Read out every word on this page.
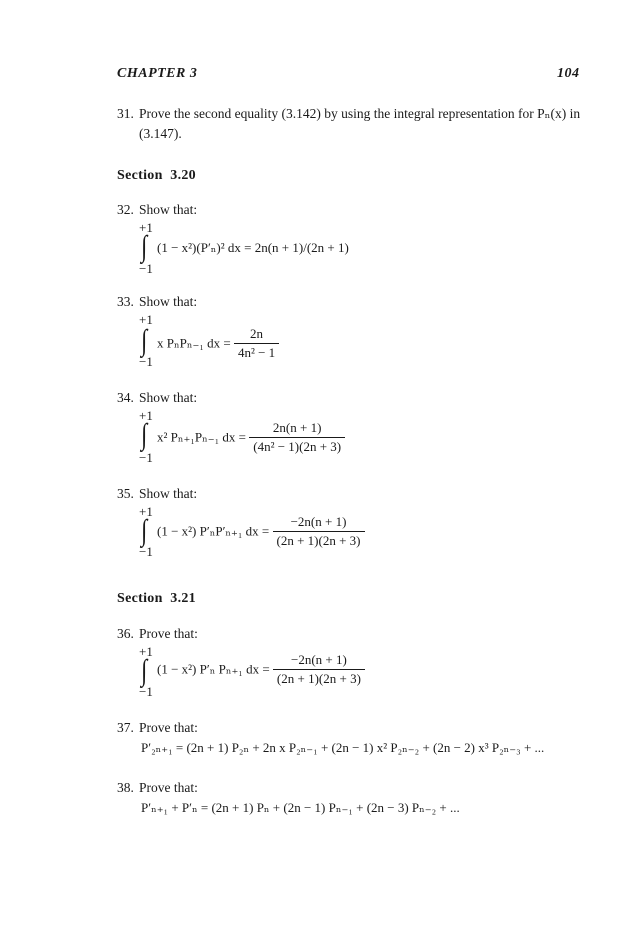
CHAPTER 3	104
31. Prove the second equality (3.142) by using the integral representation for Pₙ(x) in
(3.147).
Section 3.20
32. Show that:
+1
∫ (1 − x²)(P′ₙ)² dx = 2n(n + 1)/(2n + 1)
−1
33. Show that:
+1
∫ x PₙPₙ₋₁ dx = $\frac{2n}{\text{4n² − 1}}$
−1
34. Show that:
+1
∫ x² Pₙ₊₁Pₙ₋₁ dx = $\frac{2n(n + 1)}{\text{(4n² − 1)(2n + 3)}}$
−1
35. Show that:
+1
∫ (1 − x²) P′ₙP′ₙ₊₁ dx = $\frac{-2n(n + 1)}{(2n + 1)(2n + 3)}$
−1
Section 3.21
36. Prove that:
+1
∫ (1 − x²) P′ₙ Pₙ₊₁ dx = $\frac{-2n(n + 1)}{(2n + 1)(2n + 3)}$
−1
37. Prove that:
P′₂ₙ₊₁ = (2n + 1) P₂ₙ + 2n x P₂ₙ₋₁ + (2n − 1) x² P₂ₙ₋₂ + (2n − 2) x³ P₂ₙ₋₃ + ...
38. Prove that:
P′ₙ₊₁ + P′ₙ = (2n + 1) Pₙ + (2n − 1) Pₙ₋₁ + (2n − 3) Pₙ₋₂ + ...
